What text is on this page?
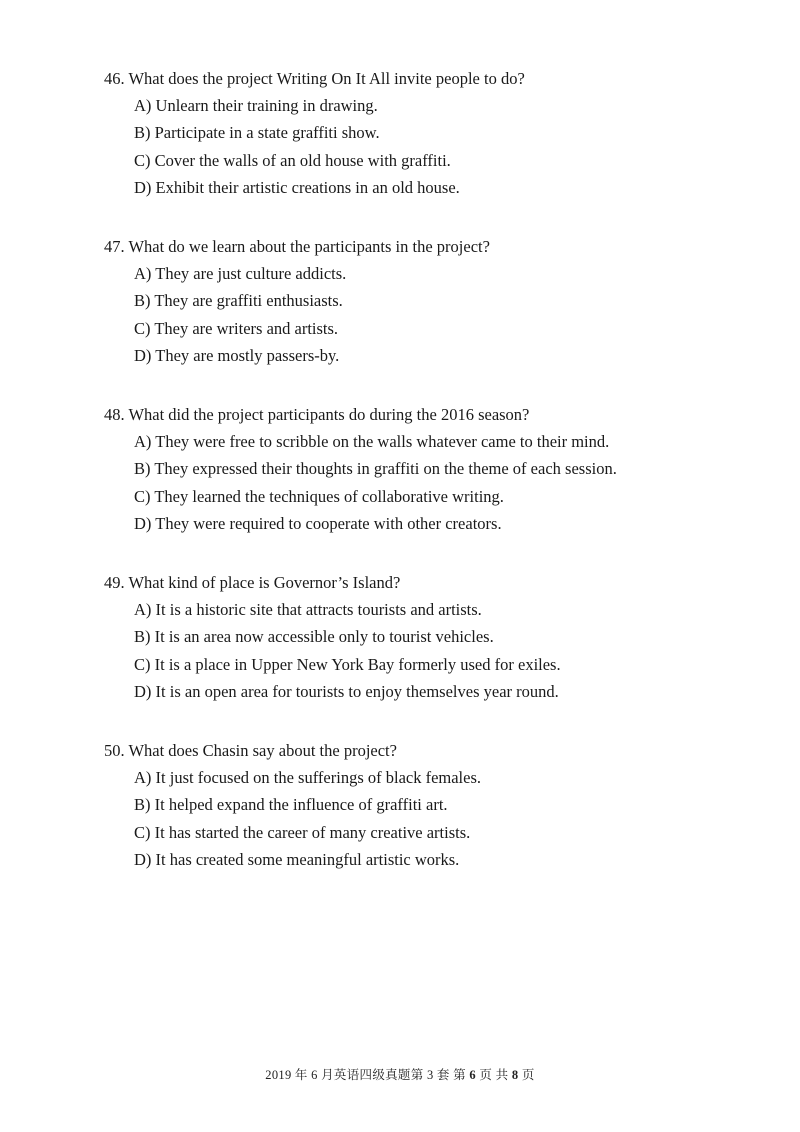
46. What does the project Writing On It All invite people to do?

A) Unlearn their training in drawing.
B) Participate in a state graffiti show.
C) Cover the walls of an old house with graffiti.
D) Exhibit their artistic creations in an old house.

47. What do we learn about the participants in the project?

A) They are just culture addicts.
B) They are graffiti enthusiasts.
C) They are writers and artists.
D) They are mostly passers-by.

48. What did the project participants do during the 2016 season?

A) They were free to scribble on the walls whatever came to their mind.
B) They expressed their thoughts in graffiti on the theme of each session.
C) They learned the techniques of collaborative writing.
D) They were required to cooperate with other creators.

49. What kind of place is Governor’s Island?

A) It is a historic site that attracts tourists and artists.
B) It is an area now accessible only to tourist vehicles.
C) It is a place in Upper New York Bay formerly used for exiles.
D) It is an open area for tourists to enjoy themselves year round.

50. What does Chasin say about the project?

A) It just focused on the sufferings of black females.
B) It helped expand the influence of graffiti art.
C) It has started the career of many creative artists.
D) It has created some meaningful artistic works.
2019 年 6 月英语四级真题第 3 套 第 6 页 共 8 页
